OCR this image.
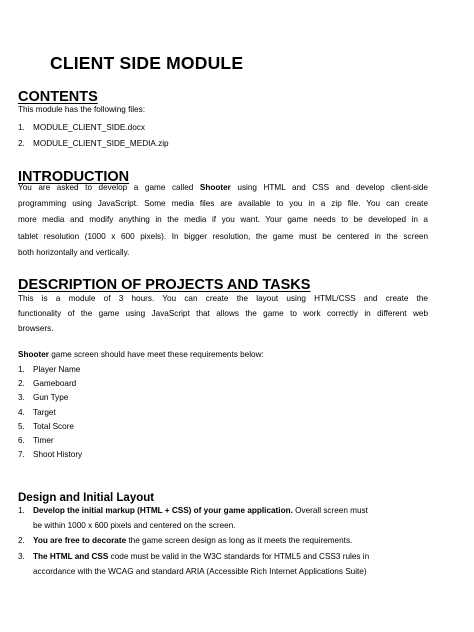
CLIENT SIDE MODULE
CONTENTS
This module has the following files:
1. MODULE_CLIENT_SIDE.docx
2. MODULE_CLIENT_SIDE_MEDIA.zip
INTRODUCTION
You are asked to develop a game called Shooter using HTML and CSS and develop client-side
programming using JavaScript. Some media files are available to you in a zip file. You can create
more media and modify anything in the media if you want. Your game needs to be developed in a
tablet resolution (1000 x 600 pixels). In bigger resolution, the game must be centered in the screen
both horizontally and vertically.
DESCRIPTION OF PROJECTS AND TASKS
This is a module of 3 hours. You can create the layout using HTML/CSS and create the
functionality of the game using JavaScript that allows the game to work correctly in different web
browsers.
Shooter game screen should have meet these requirements below:
1. Player Name
2. Gameboard
3. Gun Type
4. Target
5. Total Score
6. Timer
7. Shoot History
Design and Initial Layout
1. Develop the initial markup (HTML + CSS) of your game application. Overall screen must
be within 1000 x 600 pixels and centered on the screen.
2. You are free to decorate the game screen design as long as it meets the requirements.
3. The HTML and CSS code must be valid in the W3C standards for HTML5 and CSS3 rules in
accordance with the WCAG and standard ARIA (Accessible Rich Internet Applications Suite)
